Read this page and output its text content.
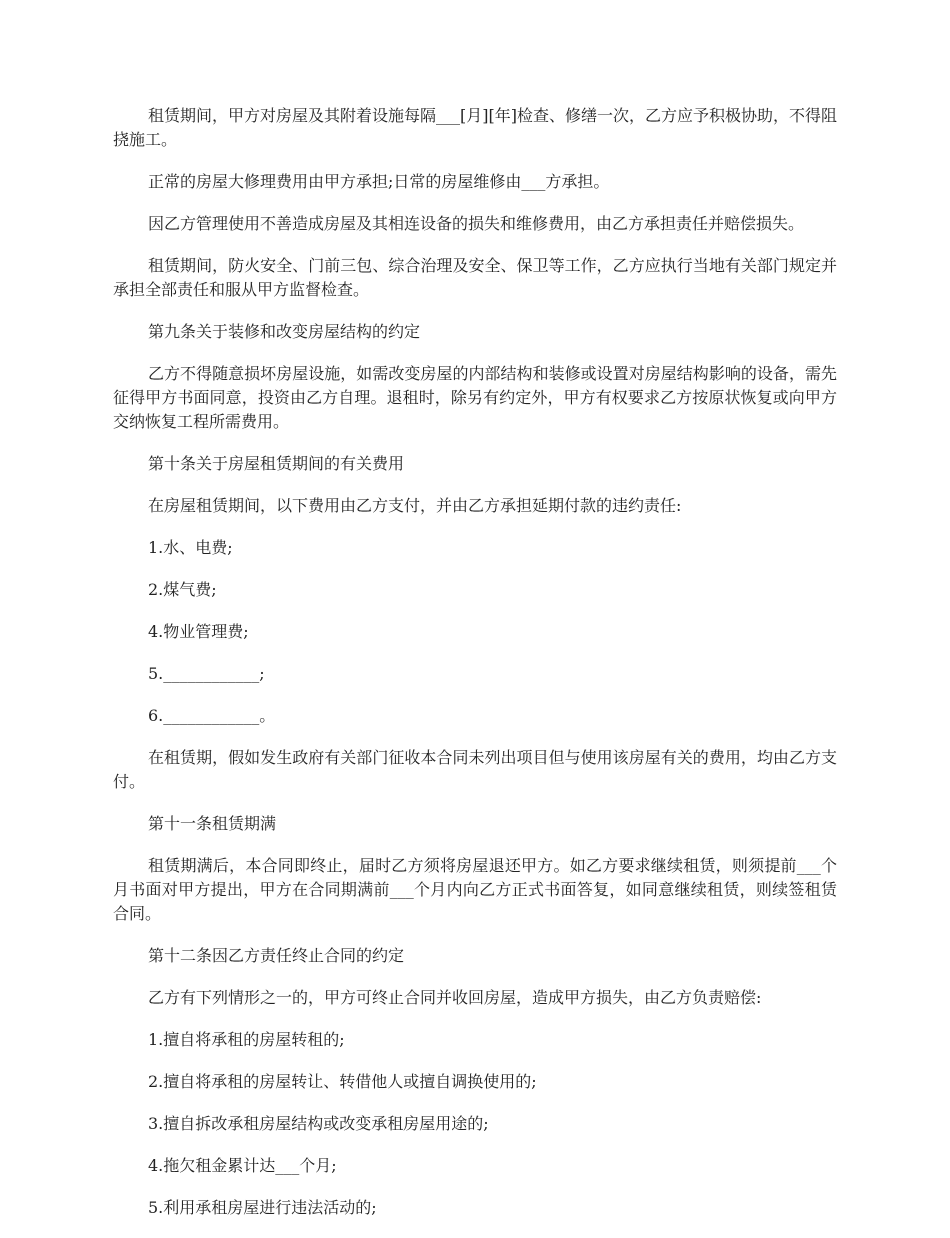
租赁期间，甲方对房屋及其附着设施每隔___[月][年]检查、修缮一次，乙方应予积极协助，不得阻挠施工。

正常的房屋大修理费用由甲方承担;日常的房屋维修由___方承担。

因乙方管理使用不善造成房屋及其相连设备的损失和维修费用，由乙方承担责任并赔偿损失。

租赁期间，防火安全、门前三包、综合治理及安全、保卫等工作，乙方应执行当地有关部门规定并承担全部责任和服从甲方监督检查。

第九条关于装修和改变房屋结构的约定

乙方不得随意损坏房屋设施，如需改变房屋的内部结构和装修或设置对房屋结构影响的设备，需先征得甲方书面同意，投资由乙方自理。退租时，除另有约定外，甲方有权要求乙方按原状恢复或向甲方交纳恢复工程所需费用。

第十条关于房屋租赁期间的有关费用

在房屋租赁期间，以下费用由乙方支付，并由乙方承担延期付款的违约责任:

1.水、电费;

2.煤气费;

4.物业管理费;

5.____________;

6.____________。

在租赁期，假如发生政府有关部门征收本合同未列出项目但与使用该房屋有关的费用，均由乙方支付。

第十一条租赁期满

租赁期满后，本合同即终止，届时乙方须将房屋退还甲方。如乙方要求继续租赁，则须提前___个月书面对甲方提出，甲方在合同期满前___个月内向乙方正式书面答复，如同意继续租赁，则续签租赁合同。

第十二条因乙方责任终止合同的约定

乙方有下列情形之一的，甲方可终止合同并收回房屋，造成甲方损失，由乙方负责赔偿:

1.擅自将承租的房屋转租的;

2.擅自将承租的房屋转让、转借他人或擅自调换使用的;

3.擅自拆改承租房屋结构或改变承租房屋用途的;

4.拖欠租金累计达___个月;

5.利用承租房屋进行违法活动的;
